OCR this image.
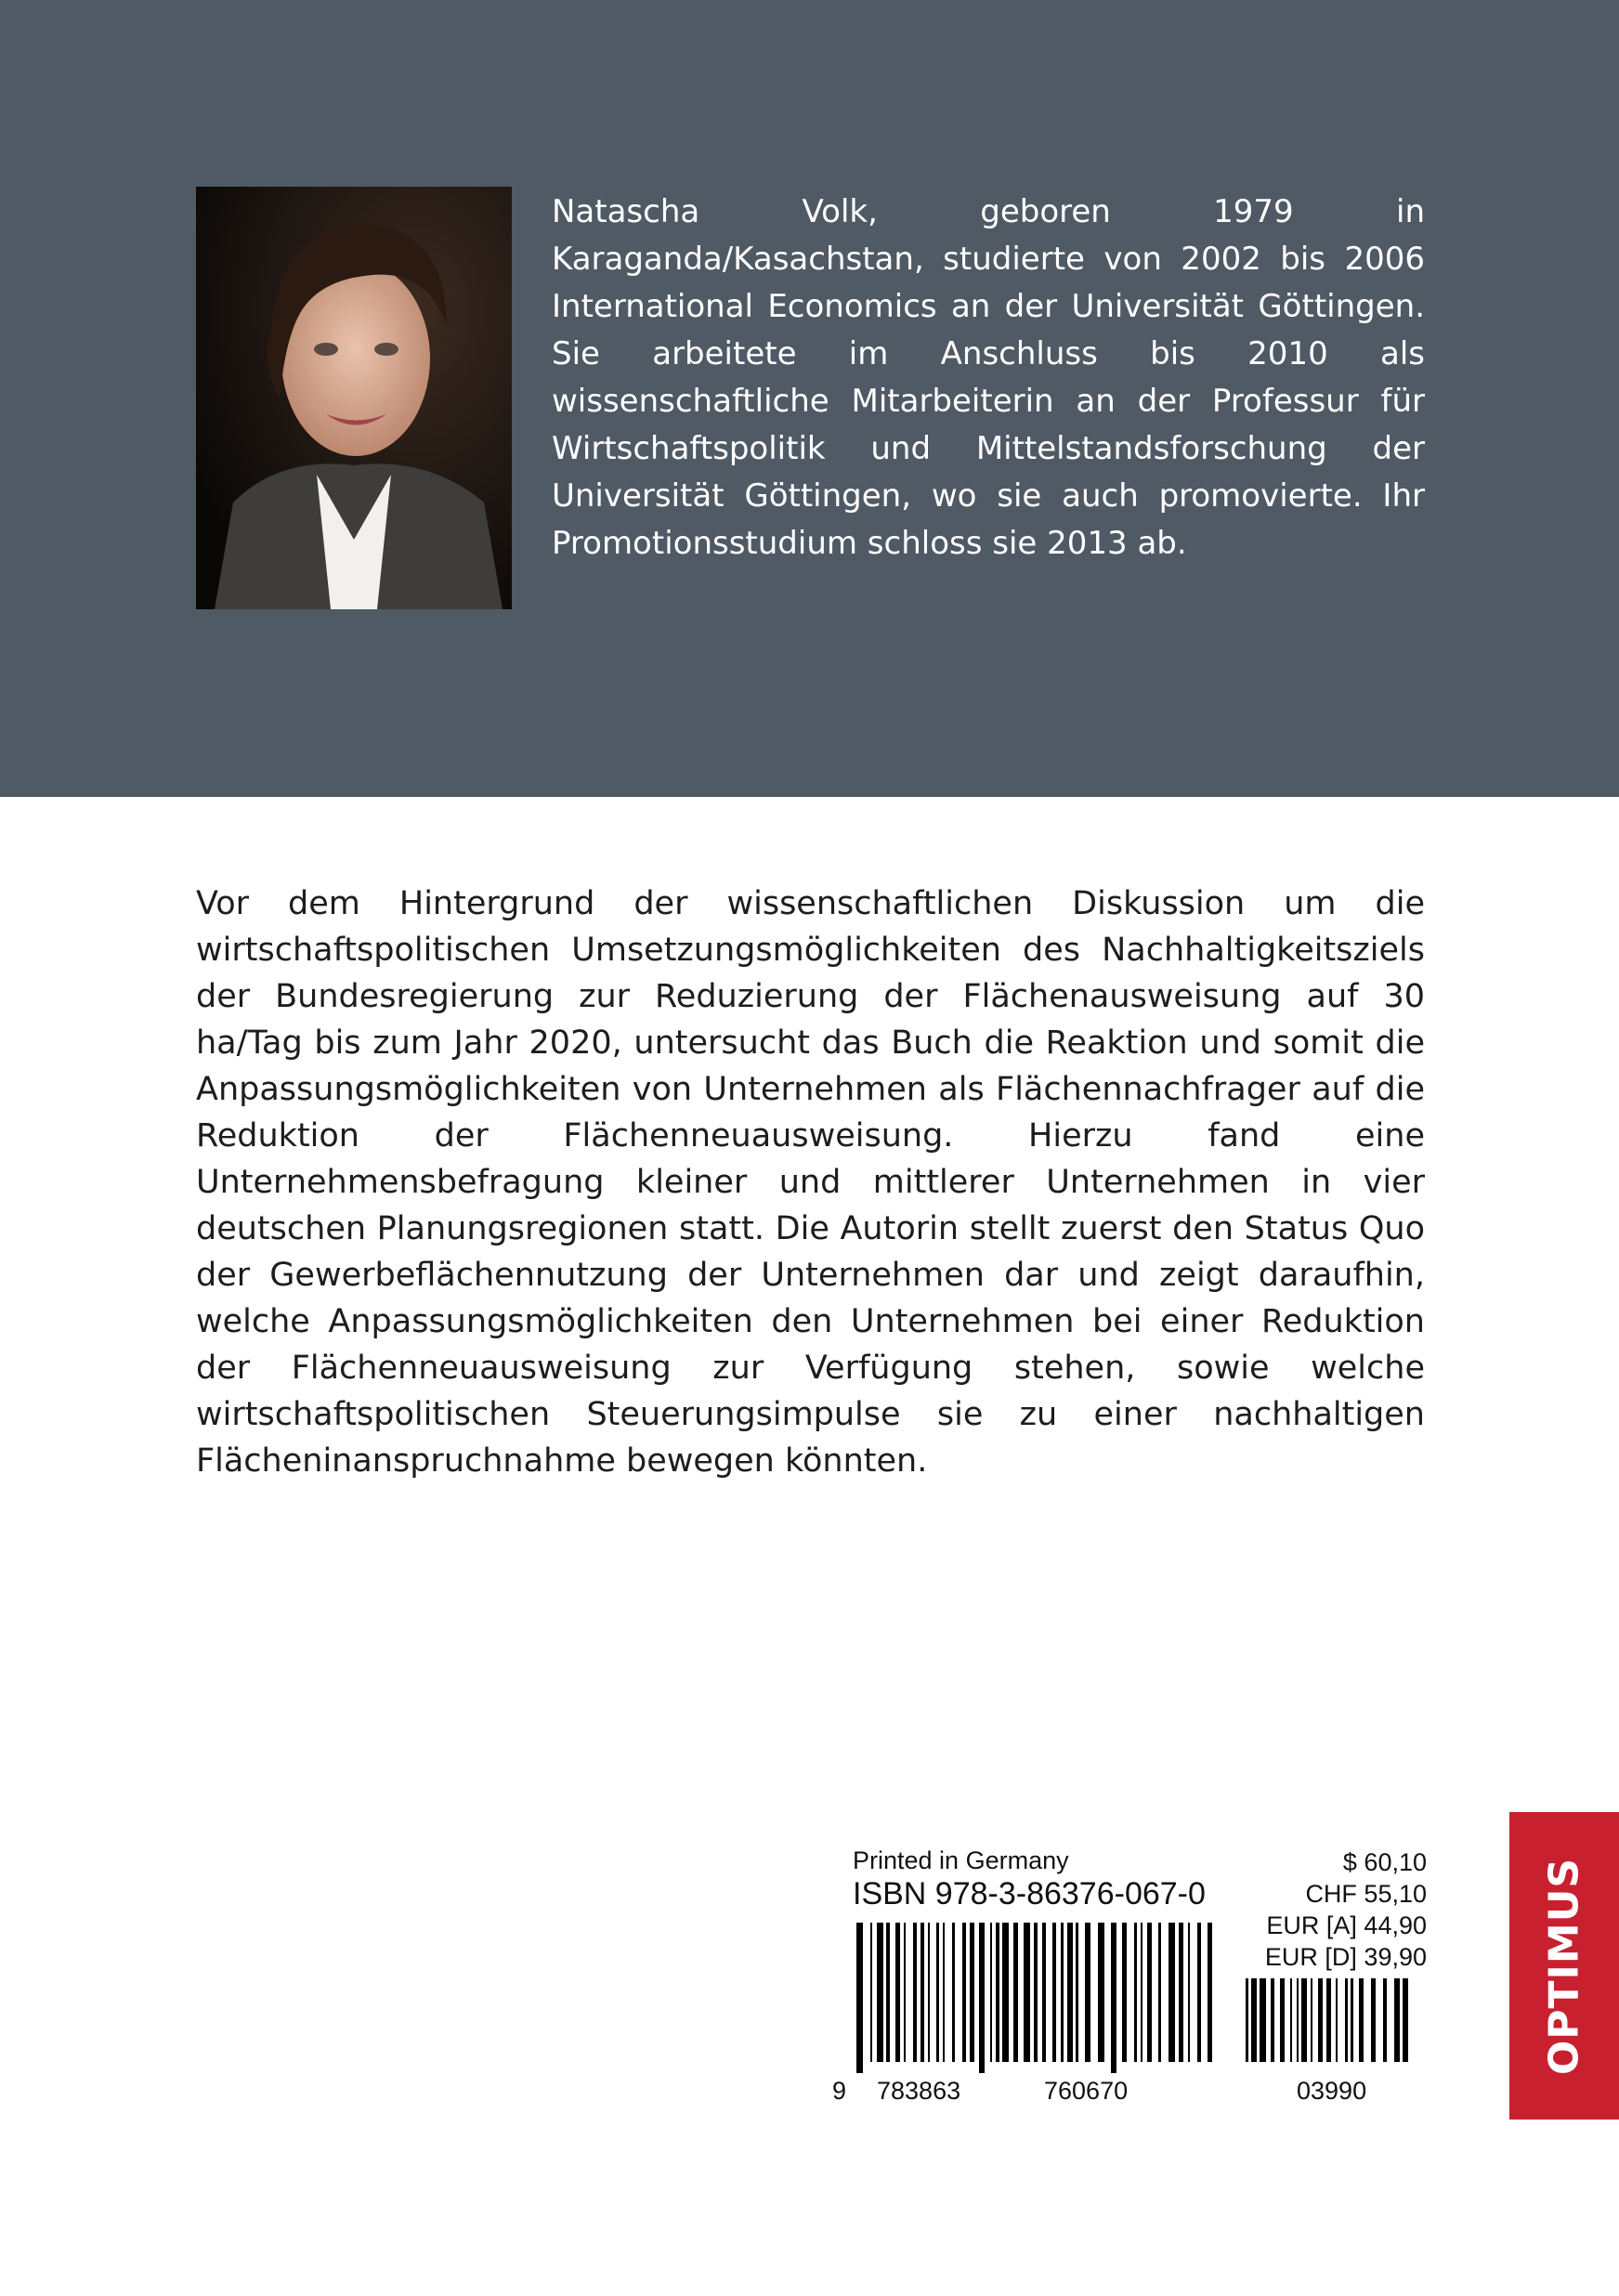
Natascha Volk, geboren 1979 in Karaganda/Kasachstan, studierte von 2002 bis 2006 International Economics an der Universität Göttingen. Sie arbeitete im Anschluss bis 2010 als wissenschaftliche Mitarbeiterin an der Professur für Wirtschaftspolitik und Mittelstandsforschung der Universität Göttingen, wo sie auch promovierte. Ihr Promotionsstudium schloss sie 2013 ab.

Vor dem Hintergrund der wissenschaftlichen Diskussion um die wirtschaftspolitischen Umsetzungsmöglichkeiten des Nachhaltigkeitsziels der Bundesregierung zur Reduzierung der Flächenausweisung auf 30 ha/Tag bis zum Jahr 2020, untersucht das Buch die Reaktion und somit die Anpassungsmöglichkeiten von Unternehmen als Flächennachfrager auf die Reduktion der Flächenneuausweisung. Hierzu fand eine Unternehmensbefragung kleiner und mittlerer Unternehmen in vier deutschen Planungsregionen statt. Die Autorin stellt zuerst den Status Quo der Gewerbeflächennutzung der Unternehmen dar und zeigt daraufhin, welche Anpassungsmöglichkeiten den Unternehmen bei einer Reduktion der Flächenneuausweisung zur Verfügung stehen, sowie welche wirtschaftspolitischen Steuerungsimpulse sie zu einer nachhaltigen Flächeninanspruchnahme bewegen könnten.

Printed in Germany
ISBN 978-3-86376-067-0
9 783863	760670	03990
$ 60,10
CHF 55,10
EUR [A] 44,90
EUR [D] 39,90	OPTIMUS
